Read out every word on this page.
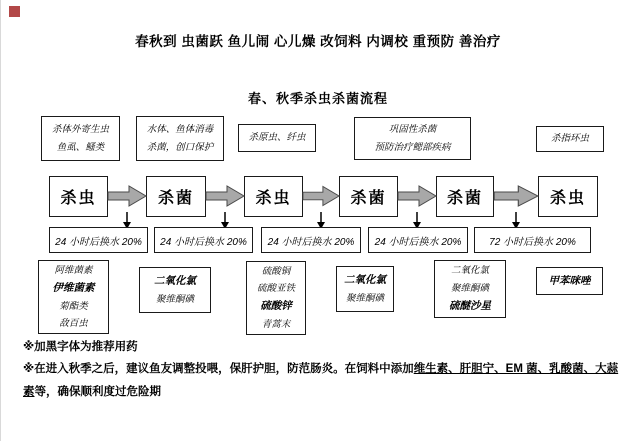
春秋到 虫菌跃 鱼儿闹 心儿燥 改饲料 内调校 重预防 善治疗
春、秋季杀虫杀菌流程
杀体外寄生虫
鱼虱、鳋类
水体、鱼体消毒
杀菌，创口保护
杀原虫、纤虫
巩固性杀菌
预防治疗鳃部疾病
杀指环虫
杀虫	杀菌	杀虫	杀菌	杀菌	杀虫
24 小时后换水 20% 24 小时后换水 20% 24 小时后换水 20% 24 小时后换水 20%	72 小时后换水 20%
阿维菌素
伊维菌素
菊酯类
敌百虫
二氧化氯
聚维酮碘
硫酸铜
硫酸亚铁
硫酸锌
青蒿末
二氧化氯
聚维酮碘
二氧化氯
聚维酮碘
硫醚沙星
甲苯咪唑
※加黑字体为推荐用药
※在进入秋季之后，建议鱼友调整投喂，保肝护胆，防范肠炎。在饲料中添加维生素、肝胆宁、EM 菌、乳酸菌、大蒜素等，确保顺利度过危险期
